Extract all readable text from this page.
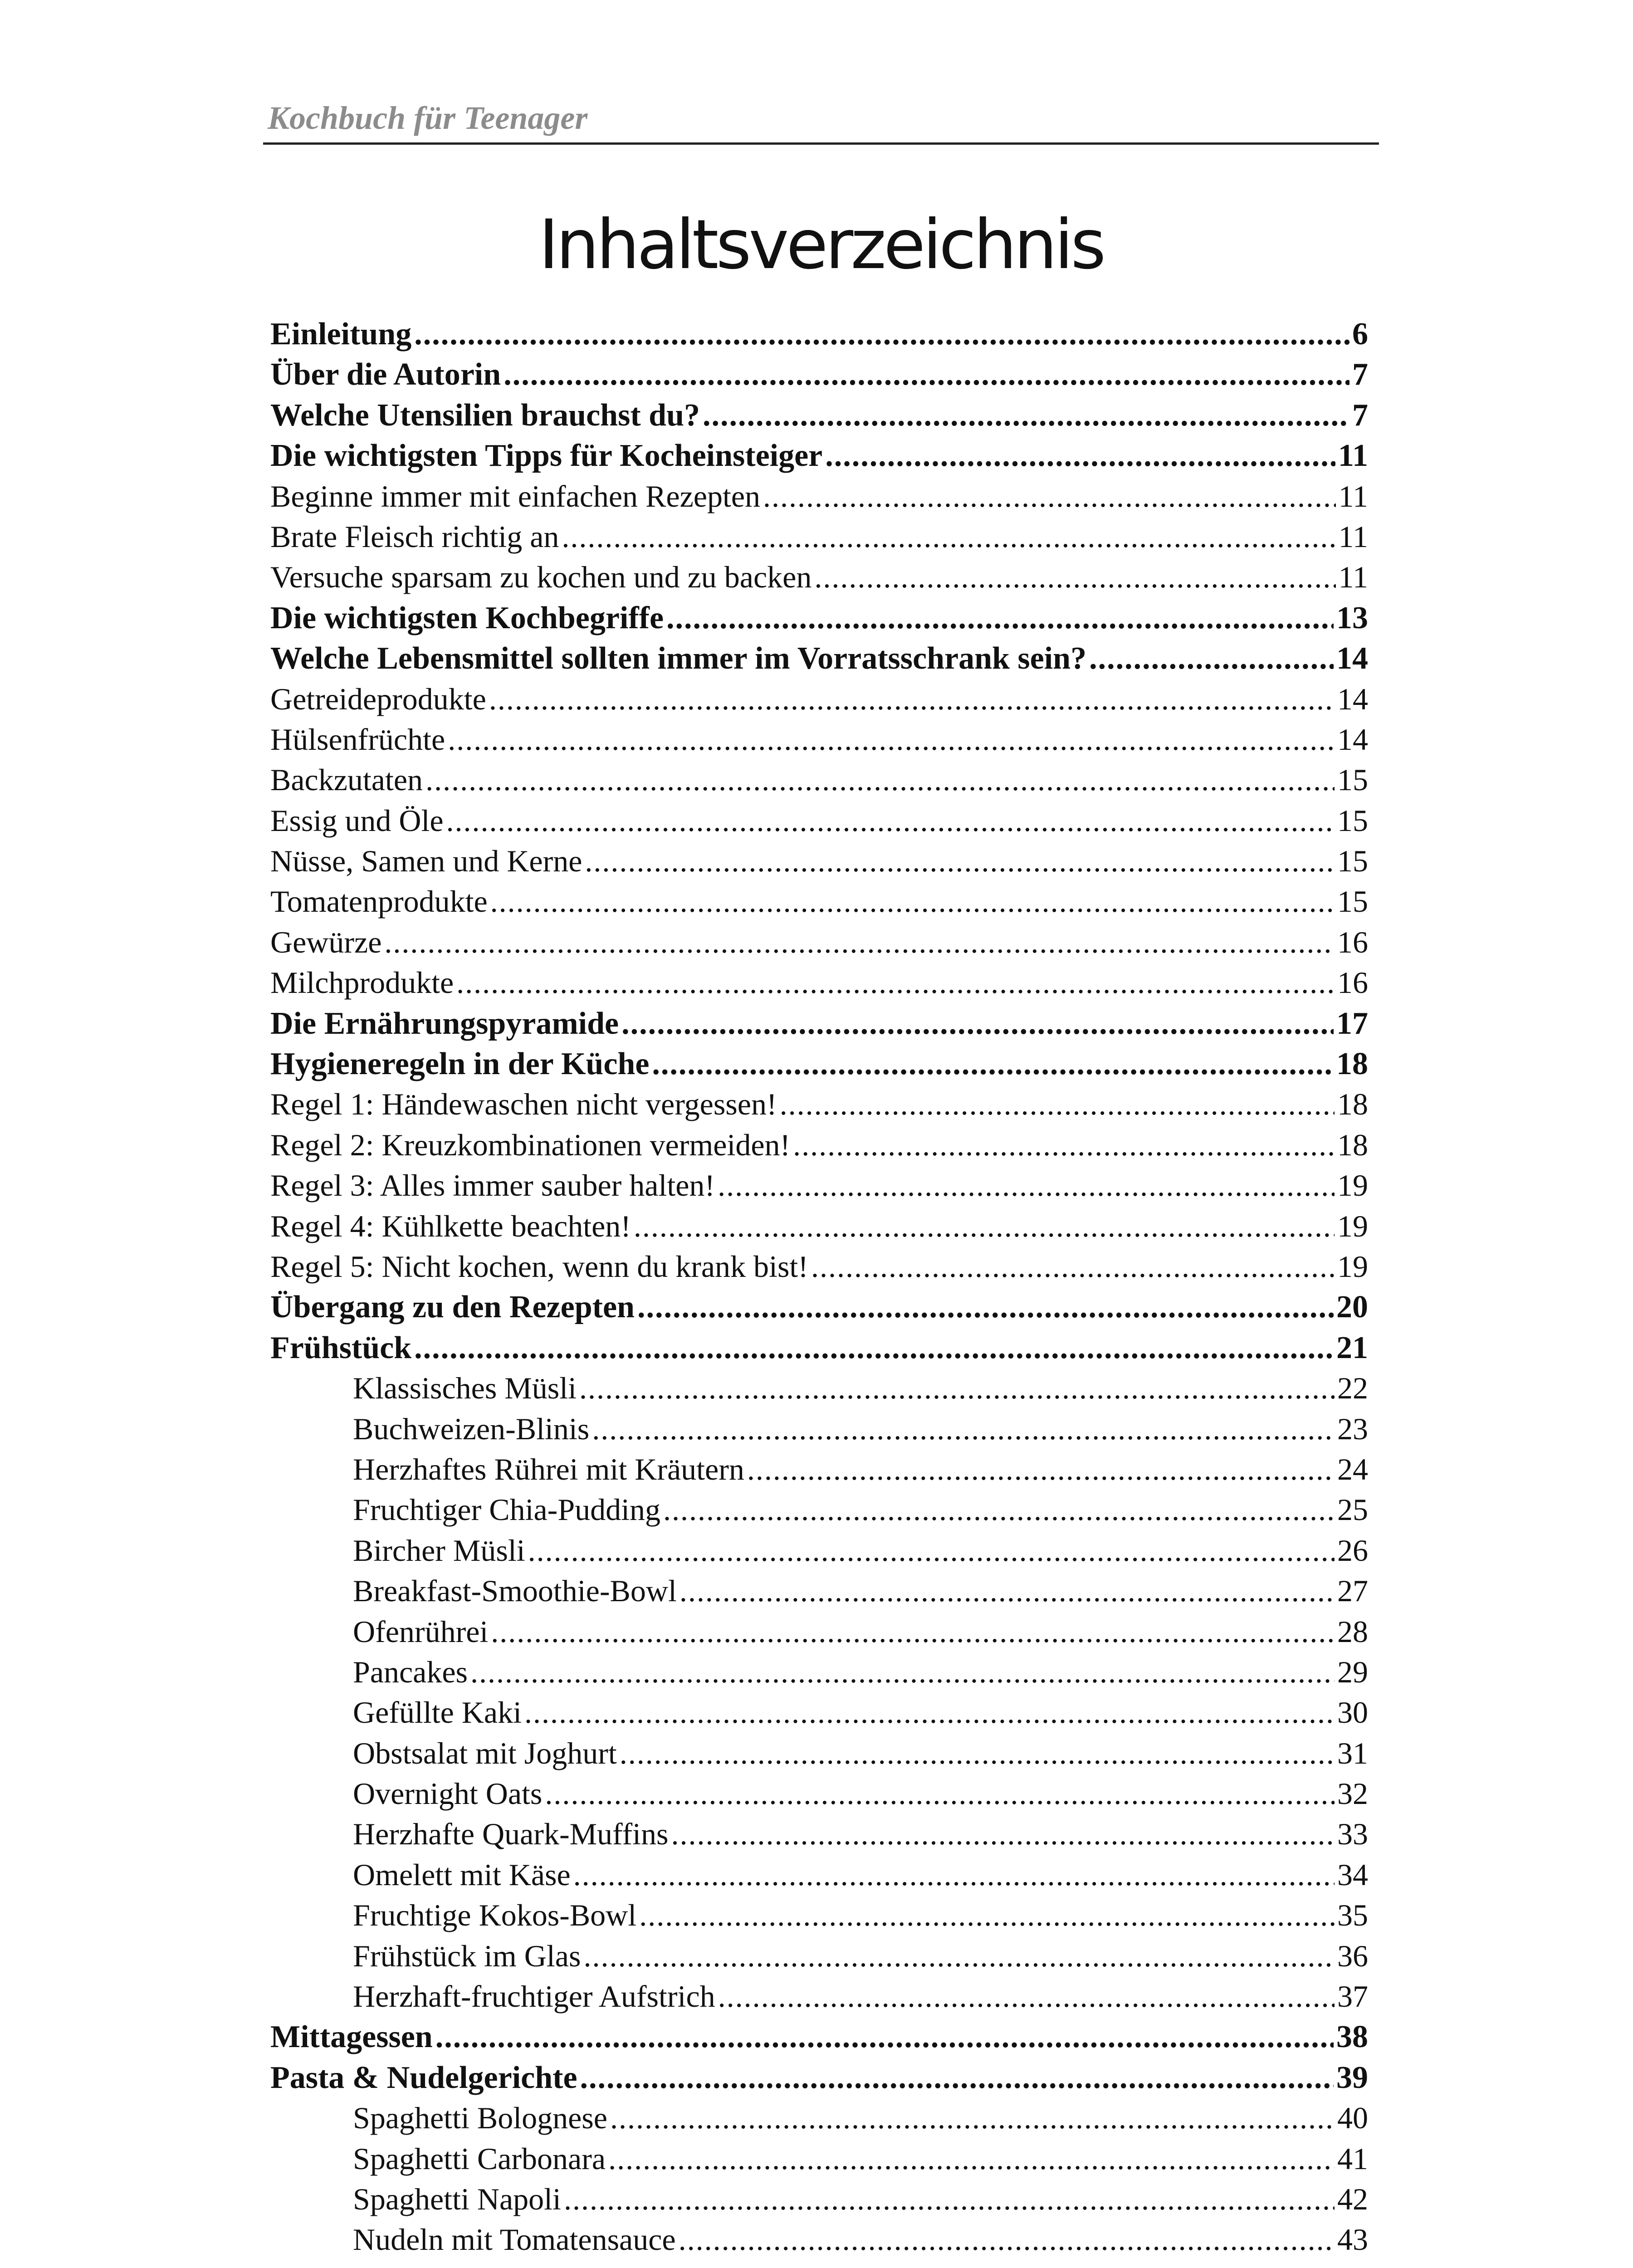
Kochbuch für Teenager
Inhaltsverzeichnis
Einleitung .....	6
Über die Autorin .....	7
Welche Utensilien brauchst du? .....	7
Die wichtigsten Tipps für Kocheinsteiger .....	11
Beginne immer mit einfachen Rezepten .....	11
Brate Fleisch richtig an .....	11
Versuche sparsam zu kochen und zu backen .....	11
Die wichtigsten Kochbegriffe .....	13
Welche Lebensmittel sollten immer im Vorratsschrank sein? .....	14
Getreideprodukte .....	14
Hülsenfrüchte .....	14
Backzutaten .....	15
Essig und Öle .....	15
Nüsse, Samen und Kerne .....	15
Tomatenprodukte .....	15
Gewürze .....	16
Milchprodukte .....	16
Die Ernährungspyramide .....	17
Hygieneregeln in der Küche .....	18
Regel 1: Händewaschen nicht vergessen! .....	18
Regel 2: Kreuzkombinationen vermeiden! .....	18
Regel 3: Alles immer sauber halten! .....	19
Regel 4: Kühlkette beachten! .....	19
Regel 5: Nicht kochen, wenn du krank bist! .....	19
Übergang zu den Rezepten .....	20
Frühstück .....	21
Klassisches Müsli .....	22
Buchweizen-Blinis .....	23
Herzhaftes Rührei mit Kräutern .....	24
Fruchtiger Chia-Pudding .....	25
Bircher Müsli .....	26
Breakfast-Smoothie-Bowl .....	27
Ofenrührei .....	28
Pancakes .....	29
Gefüllte Kaki .....	30
Obstsalat mit Joghurt .....	31
Overnight Oats .....	32
Herzhafte Quark-Muffins .....	33
Omelett mit Käse .....	34
Fruchtige Kokos-Bowl .....	35
Frühstück im Glas .....	36
Herzhaft-fruchtiger Aufstrich .....	37
Mittagessen .....	38
Pasta & Nudelgerichte .....	39
Spaghetti Bolognese .....	40
Spaghetti Carbonara .....	41
Spaghetti Napoli .....	42
Nudeln mit Tomatensauce .....	43
